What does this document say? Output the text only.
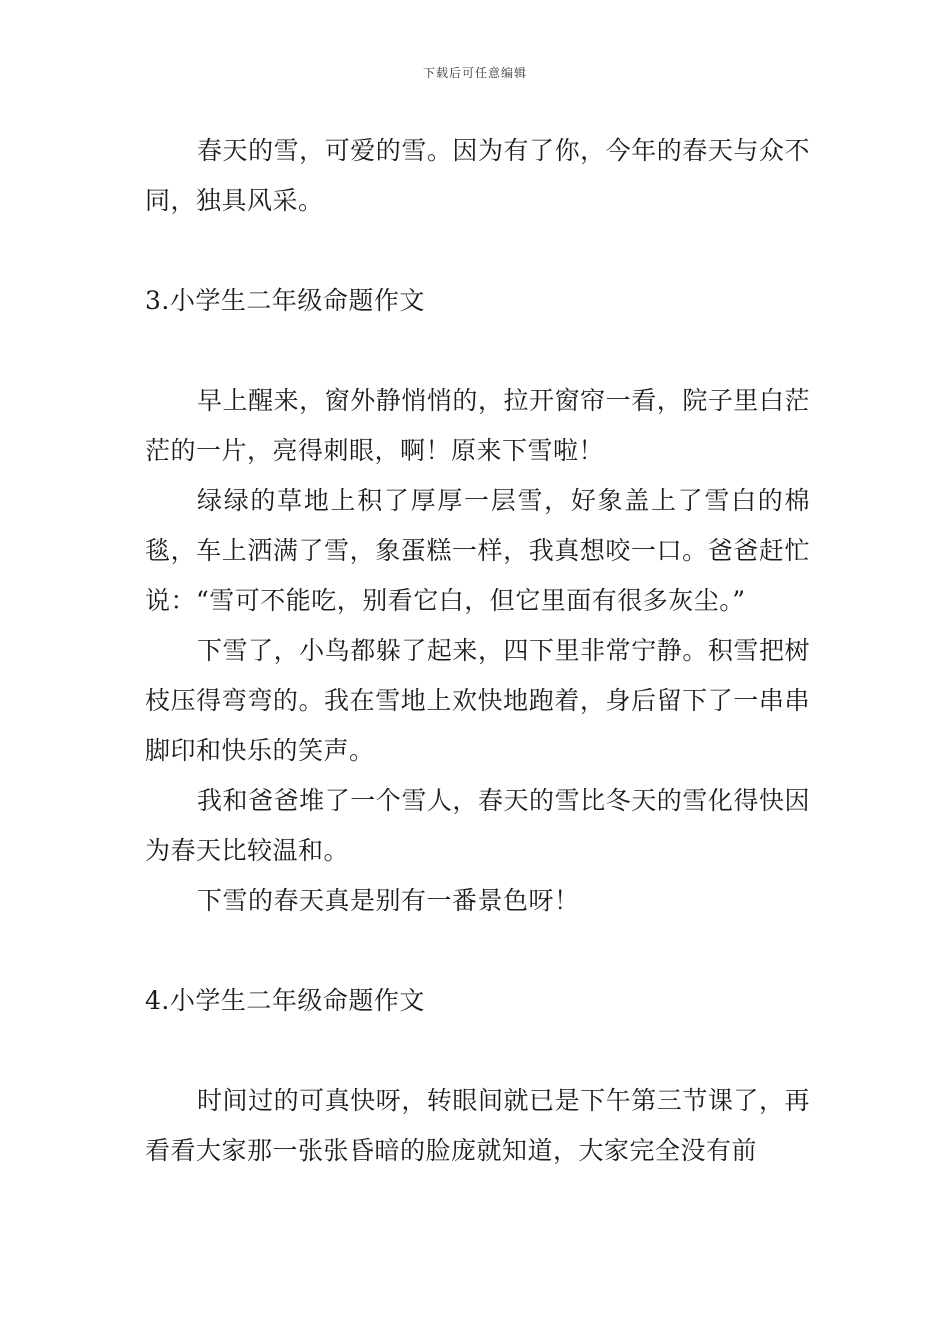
下载后可任意编辑

春天的雪，可爱的雪。因为有了你，今年的春天与众不同，独具风采。

3.小学生二年级命题作文

早上醒来，窗外静悄悄的，拉开窗帘一看，院子里白茫茫的一片，亮得刺眼，啊！原来下雪啦！

绿绿的草地上积了厚厚一层雪，好象盖上了雪白的棉毯，车上洒满了雪，象蛋糕一样，我真想咬一口。爸爸赶忙说：“雪可不能吃，别看它白，但它里面有很多灰尘。”

下雪了，小鸟都躲了起来，四下里非常宁静。积雪把树枝压得弯弯的。我在雪地上欢快地跑着，身后留下了一串串脚印和快乐的笑声。

我和爸爸堆了一个雪人，春天的雪比冬天的雪化得快因为春天比较温和。

下雪的春天真是别有一番景色呀！

4.小学生二年级命题作文

时间过的可真快呀，转眼间就已是下午第三节课了，再看看大家那一张张昏暗的脸庞就知道，大家完全没有前
